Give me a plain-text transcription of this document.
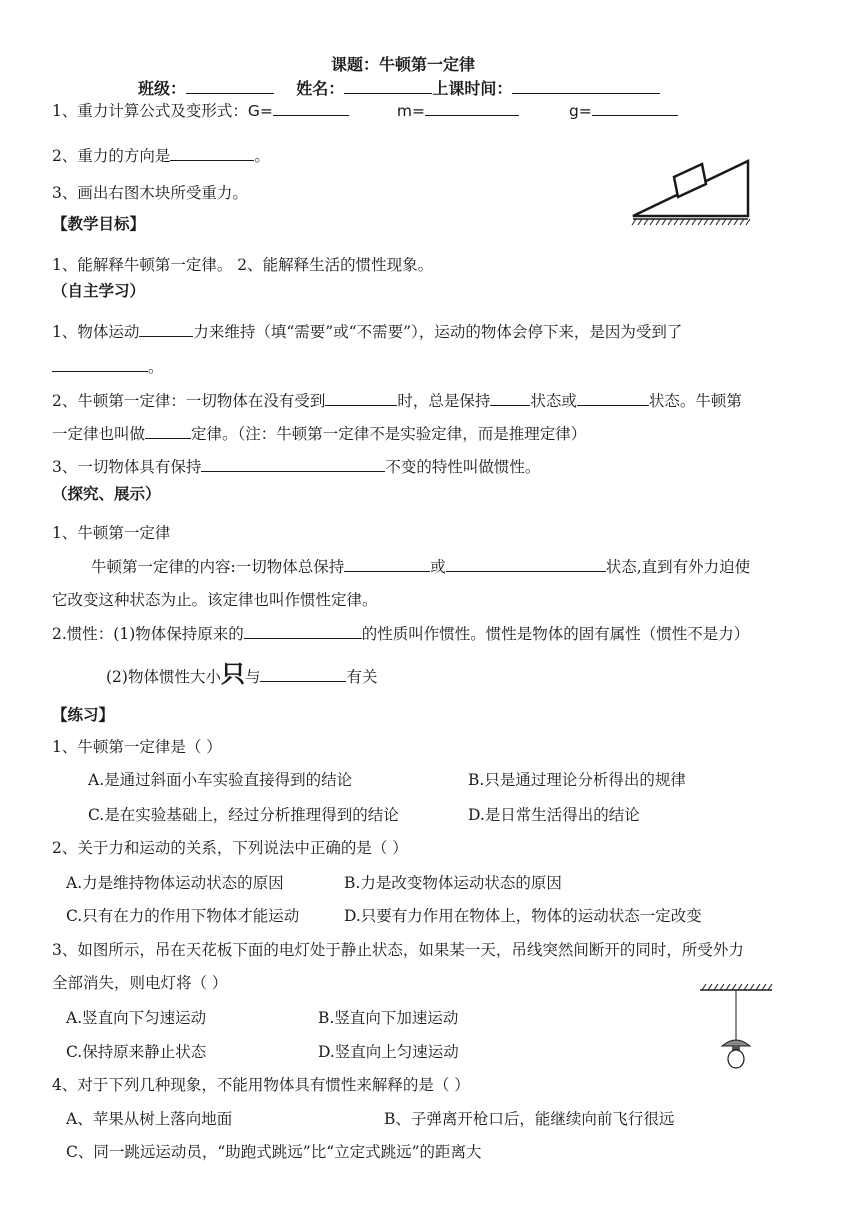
课题：牛顿第一定律
班级：	姓名：	上课时间：
1、重力计算公式及变形式：G=	m=	g=
2、重力的方向是	。
3、画出右图木块所受重力。
【教学目标】
1、能解释牛顿第一定律。 2、能解释生活的惯性现象。
（自主学习）
1、物体运动	力来维持（填“需要”或“不需要”），运动的物体会停下来，是因为受到了
。
2、牛顿第一定律：一切物体在没有受到	时，总是保持	状态或	状态。牛顿第
一定律也叫做	定律。（注：牛顿第一定律不是实验定律，而是推理定律）
3、一切物体具有保持	不变的特性叫做惯性。
（探究、展示）
1、牛顿第一定律
牛顿第一定律的内容:一切物体总保持	或	状态,直到有外力迫使
它改变这种状态为止。该定律也叫作惯性定律。
2.惯性：(1)物体保持原来的	的性质叫作惯性。惯性是物体的固有属性（惯性不是力）
(2)物体惯性大小只与	有关
【练习】
1、牛顿第一定律是（ ）
A.是通过斜面小车实验直接得到的结论	B.只是通过理论分析得出的规律
C.是在实验基础上，经过分析推理得到的结论	D.是日常生活得出的结论
2、关于力和运动的关系，下列说法中正确的是（ ）
A.力是维持物体运动状态的原因	B.力是改变物体运动状态的原因
C.只有在力的作用下物体才能运动	D.只要有力作用在物体上，物体的运动状态一定改变
3、如图所示，吊在天花板下面的电灯处于静止状态，如果某一天，吊线突然间断开的同时，所受外力
全部消失，则电灯将（ ）
A.竖直向下匀速运动	B.竖直向下加速运动
C.保持原来静止状态	D.竖直向上匀速运动
4、对于下列几种现象，不能用物体具有惯性来解释的是（ ）
A、苹果从树上落向地面	B、子弹离开枪口后，能继续向前飞行很远
C、同一跳远运动员，“助跑式跳远”比“立定式跳远”的距离大
